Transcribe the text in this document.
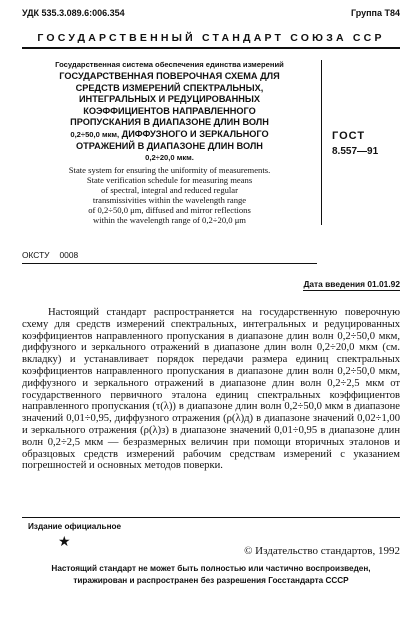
УДК 535.3.089.6:006.354	Группа Т84
ГОСУДАРСТВЕННЫЙ СТАНДАРТ СОЮЗА ССР
Государственная система обеспечения единства измерений
ГОСУДАРСТВЕННАЯ ПОВЕРОЧНАЯ СХЕМА ДЛЯ
СРЕДСТВ ИЗМЕРЕНИЙ СПЕКТРАЛЬНЫХ,
ИНТЕГРАЛЬНЫХ И РЕДУЦИРОВАННЫХ
КОЭФФИЦИЕНТОВ НАПРАВЛЕННОГО
ПРОПУСКАНИЯ В ДИАПАЗОНЕ ДЛИН ВОЛН
0,2÷50,0 мкм, ДИФФУЗНОГО И ЗЕРКАЛЬНОГО
ОТРАЖЕНИЙ В ДИАПАЗОНЕ ДЛИН ВОЛН
0,2÷20,0 мкм.
State system for ensuring the uniformity of measurements.
State verification schedule for measuring means
of spectral, integral and reduced regular
transmissivities within the wavelength range
of 0,2÷50,0 μm, diffused and mirror reflections
within the wavelength range of 0,2÷20,0 μm
ГОСТ
8.557—91
ОКСТУ 0008
Дата введения 01.01.92

Настоящий стандарт распространяется на государственную поверочную схему для средств измерений спектральных, интегральных и редуцированных коэффициентов направленного пропускания в диапазоне длин волн 0,2÷50,0 мкм, диффузного и зеркального отражений в диапазоне длин волн 0,2÷20,0 мкм (см. вкладку) и устанавливает порядок передачи размера единиц спектральных коэффициентов направленного пропускания в диапазоне длин волн 0,2÷50,0 мкм, диффузного и зеркального отражений в диапазоне длин волн 0,2÷2,5 мкм от государственного первичного эталона единиц спектральных коэффициентов направленного пропускания (τ(λ)) в диапазоне длин волн 0,2÷50,0 мкм в диапазоне значений 0,01÷0,95, диффузного отражения (ρ(λ)д) в диапазоне значений 0,02÷1,00 и зеркального отражения (ρ(λ)з) в диапазоне значений 0,01÷0,95 в диапазоне длин волн 0,2÷2,5 мкм — безразмерных величин при помощи вторичных эталонов и образцовых средств измерений рабочим средствам измерений с указанием погрешностей и основных методов поверки.

Издание официальное
★
© Издательство стандартов, 1992
Настоящий стандарт не может быть полностью или частично воспроизведен,
тиражирован и распространен без разрешения Госстандарта СССР
